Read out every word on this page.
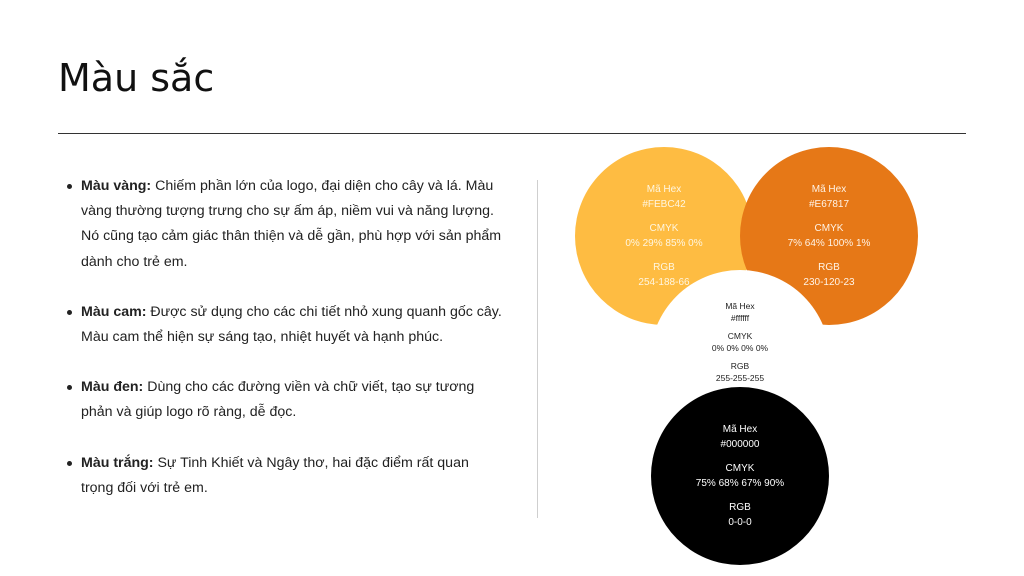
Màu sắc
Màu vàng: Chiếm phần lớn của logo, đại diện cho cây và lá. Màu vàng thường tượng trưng cho sự ấm áp, niềm vui và năng lượng. Nó cũng tạo cảm giác thân thiện và dễ gần, phù hợp với sản phẩm dành cho trẻ em.
Màu cam: Được sử dụng cho các chi tiết nhỏ xung quanh gốc cây. Màu cam thể hiện sự sáng tạo, nhiệt huyết và hạnh phúc.
Màu đen: Dùng cho các đường viền và chữ viết, tạo sự tương phản và giúp logo rõ ràng, dễ đọc.
Màu trắng: Sự Tinh Khiết và Ngây thơ, hai đặc điểm rất quan trọng đối với trẻ em.
Mã Hex
#FEBC42
CMYK
0% 29% 85% 0%
RGB
254-188-66
Mã Hex
#E67817
CMYK
7% 64% 100% 1%
RGB
230-120-23
Mã Hex
#ffffff
CMYK
0% 0% 0% 0%
RGB
255-255-255
Mã Hex
#000000
CMYK
75% 68% 67% 90%
RGB
0-0-0
